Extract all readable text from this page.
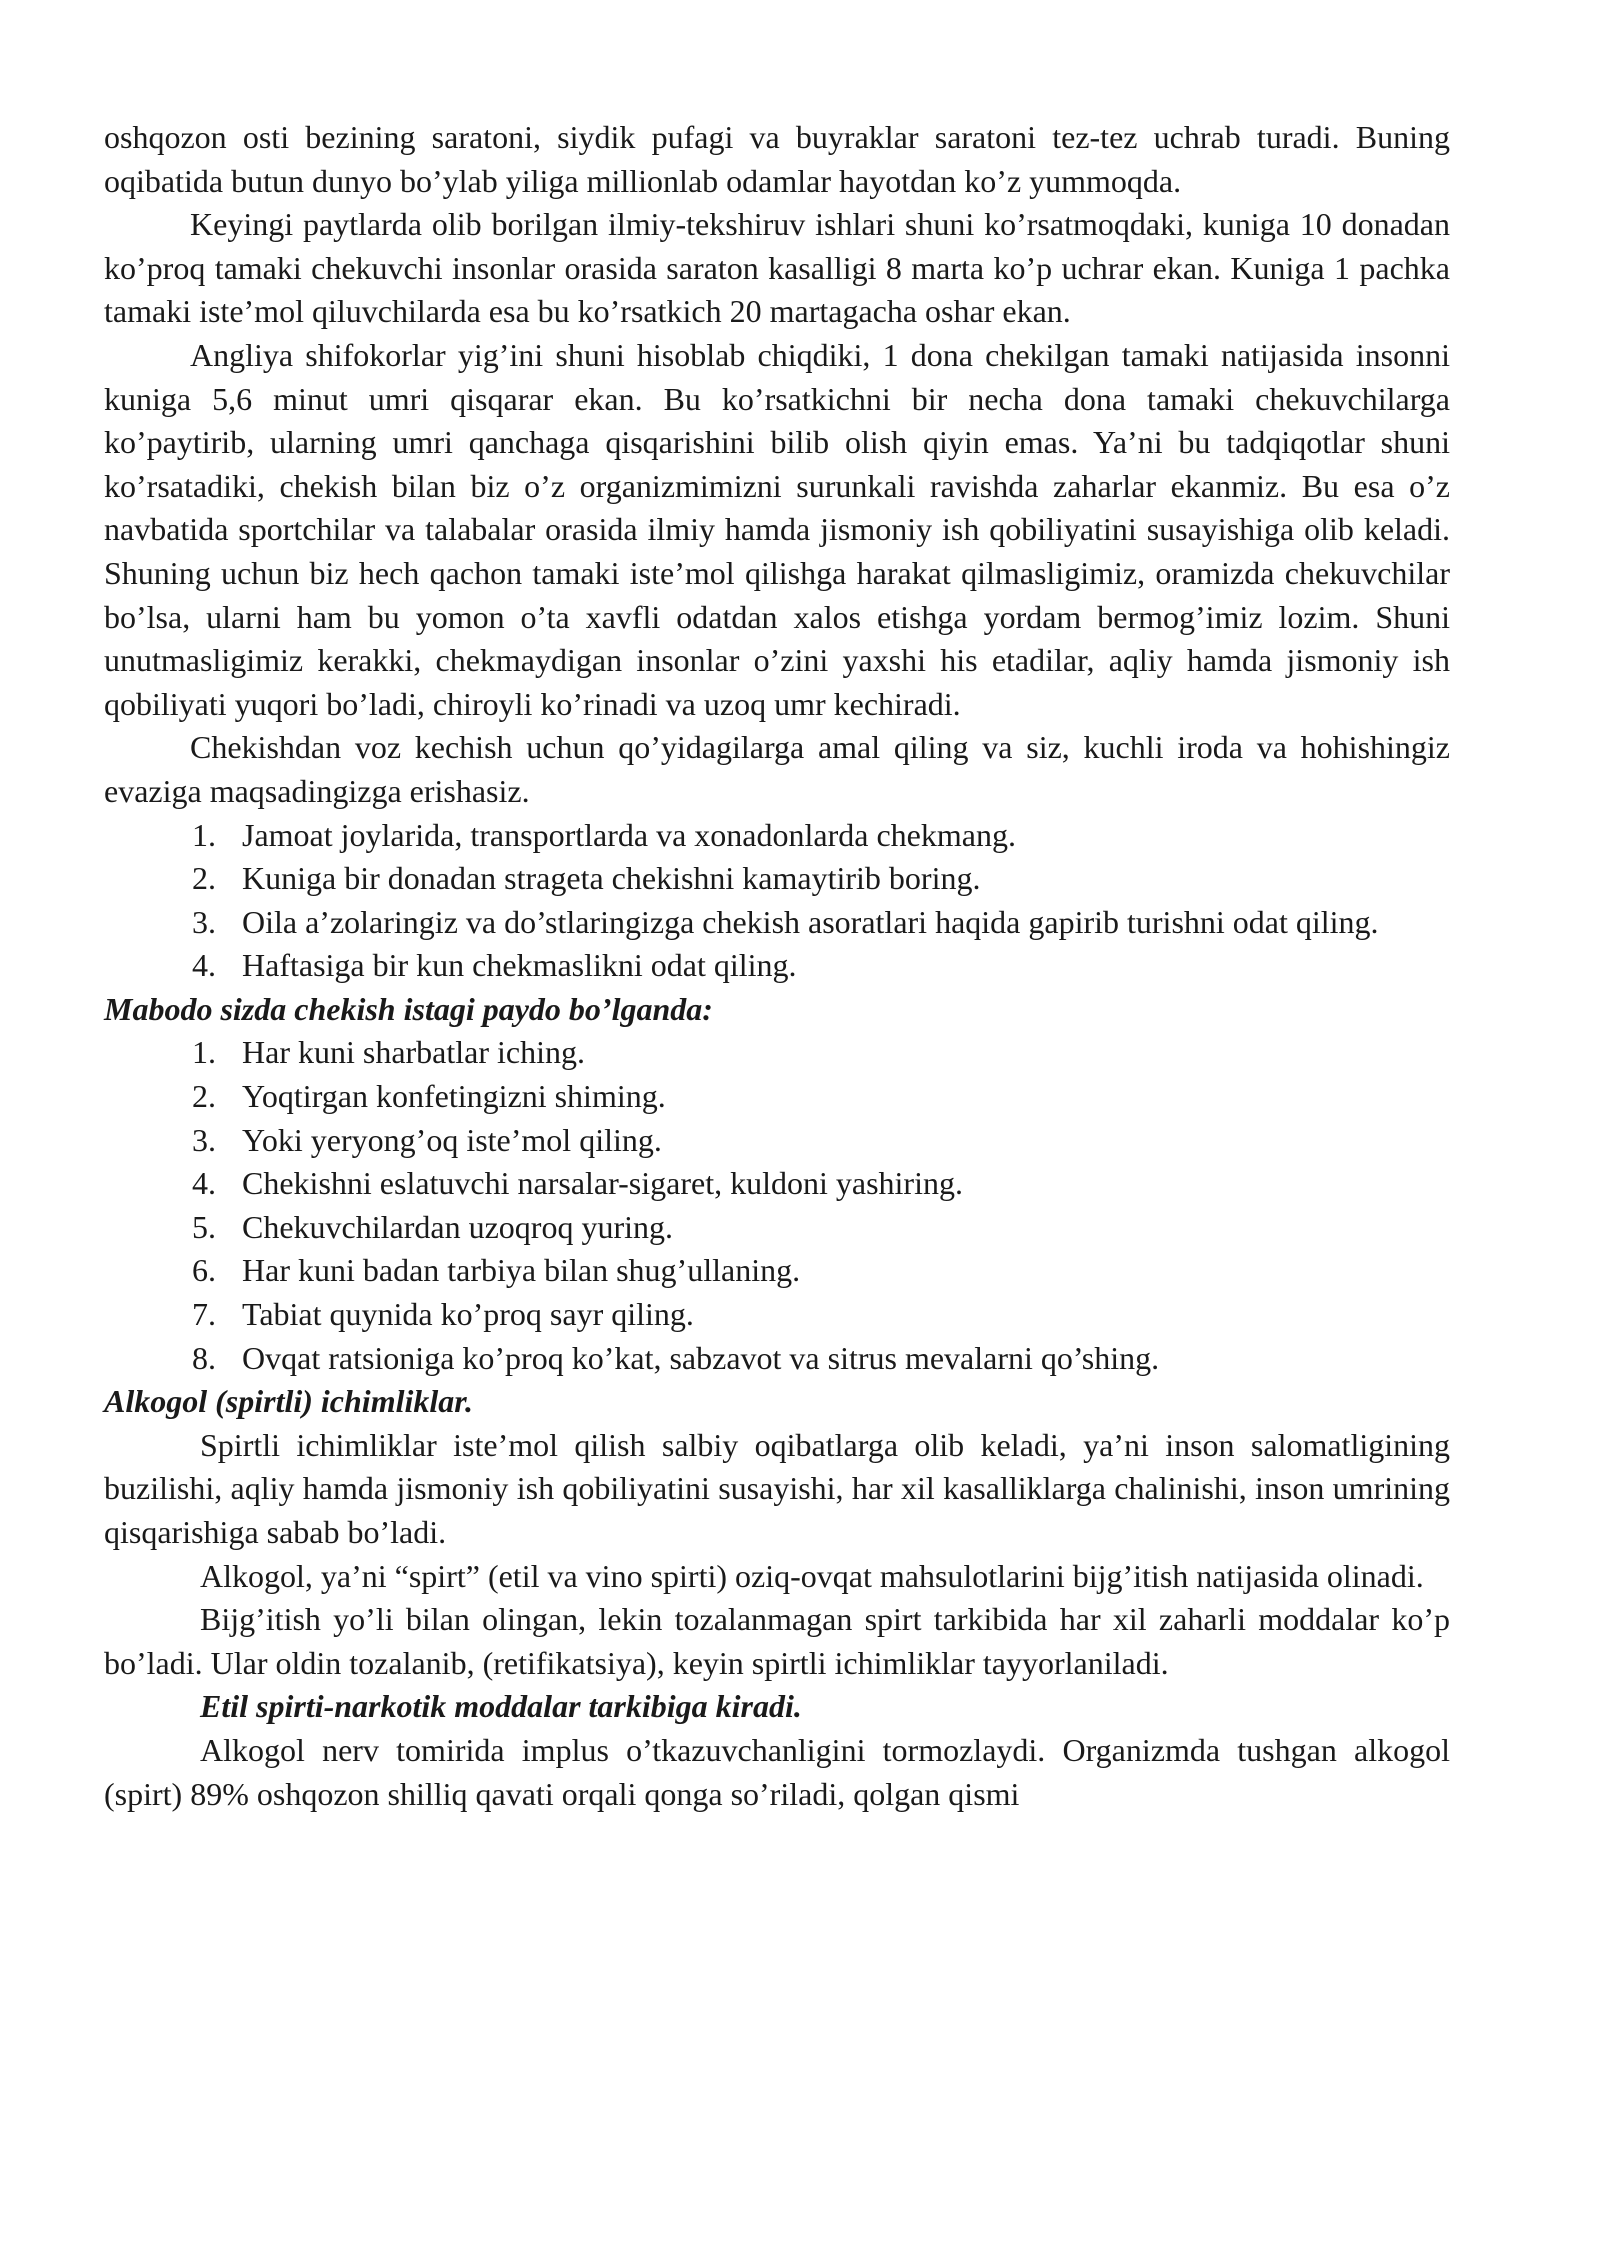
oshqozon osti bezining saratoni, siydik pufagi va buyraklar saratoni tez-tez uchrab turadi. Buning oqibatida butun dunyo bo’ylab yiliga millionlab odamlar hayotdan ko’z yummoqda.

Keyingi paytlarda olib borilgan ilmiy-tekshiruv ishlari shuni ko’rsatmoqdaki, kuniga 10 donadan ko’proq tamaki chekuvchi insonlar orasida saraton kasalligi 8 marta ko’p uchrar ekan. Kuniga 1 pachka tamaki iste’mol qiluvchilarda esa bu ko’rsatkich 20 martagacha oshar ekan.

Angliya shifokorlar yig’ini shuni hisoblab chiqdiki, 1 dona chekilgan tamaki natijasida insonni kuniga 5,6 minut umri qisqarar ekan. Bu ko’rsatkichni bir necha dona tamaki chekuvchilarga ko’paytirib, ularning umri qanchaga qisqarishini bilib olish qiyin emas. Ya’ni bu tadqiqotlar shuni ko’rsatadiki, chekish bilan biz o’z organizmimizni surunkali ravishda zaharlar ekanmiz. Bu esa o’z navbatida sportchilar va talabalar orasida ilmiy hamda jismoniy ish qobiliyatini susayishiga olib keladi. Shuning uchun biz hech qachon tamaki iste’mol qilishga harakat qilmasligimiz, oramizda chekuvchilar bo’lsa, ularni ham bu yomon o’ta xavfli odatdan xalos etishga yordam bermog’imiz lozim. Shuni unutmasligimiz kerakki, chekmaydigan insonlar o’zini yaxshi his etadilar, aqliy hamda jismoniy ish qobiliyati yuqori bo’ladi, chiroyli ko’rinadi va uzoq umr kechiradi.

Chekishdan voz kechish uchun qo’yidagilarga amal qiling va siz, kuchli iroda va hohishingiz evaziga maqsadingizga erishasiz.

1. Jamoat joylarida, transportlarda va xonadonlarda chekmang.
2. Kuniga bir donadan strageta chekishni kamaytirib boring.
3. Oila a’zolaringiz va do’stlaringizga chekish asoratlari haqida gapirib turishni odat qiling.
4. Haftasiga bir kun chekmaslikni odat qiling.

Mabodo sizda chekish istagi paydo bo’lganda:

1. Har kuni sharbatlar iching.
2. Yoqtirgan konfetingizni shiming.
3. Yoki yeryong’oq iste’mol qiling.
4. Chekishni eslatuvchi narsalar-sigaret, kuldoni yashiring.
5. Chekuvchilardan uzoqroq yuring.
6. Har kuni badan tarbiya bilan shug’ullaning.
7. Tabiat quynida ko’proq sayr qiling.
8. Ovqat ratsioniga ko’proq ko’kat, sabzavot va sitrus mevalarni qo’shing.

Alkogol (spirtli) ichimliklar.

Spirtli ichimliklar iste’mol qilish salbiy oqibatlarga olib keladi, ya’ni inson salomatligining buzilishi, aqliy hamda jismoniy ish qobiliyatini susayishi, har xil kasalliklarga chalinishi, inson umrining qisqarishiga sabab bo’ladi.

Alkogol, ya’ni “spirt” (etil va vino spirti) oziq-ovqat mahsulotlarini bijg’itish natijasida olinadi.

Bijg’itish yo’li bilan olingan, lekin tozalanmagan spirt tarkibida har xil zaharli moddalar ko’p bo’ladi. Ular oldin tozalanib, (retifikatsiya), keyin spirtli ichimliklar tayyorlaniladi.

Etil spirti-narkotik moddalar tarkibiga kiradi.

Alkogol nerv tomirida implus o’tkazuvchanligini tormozlaydi. Organizmda tushgan alkogol (spirt) 89% oshqozon shilliq qavati orqali qonga so’riladi, qolgan qismi
